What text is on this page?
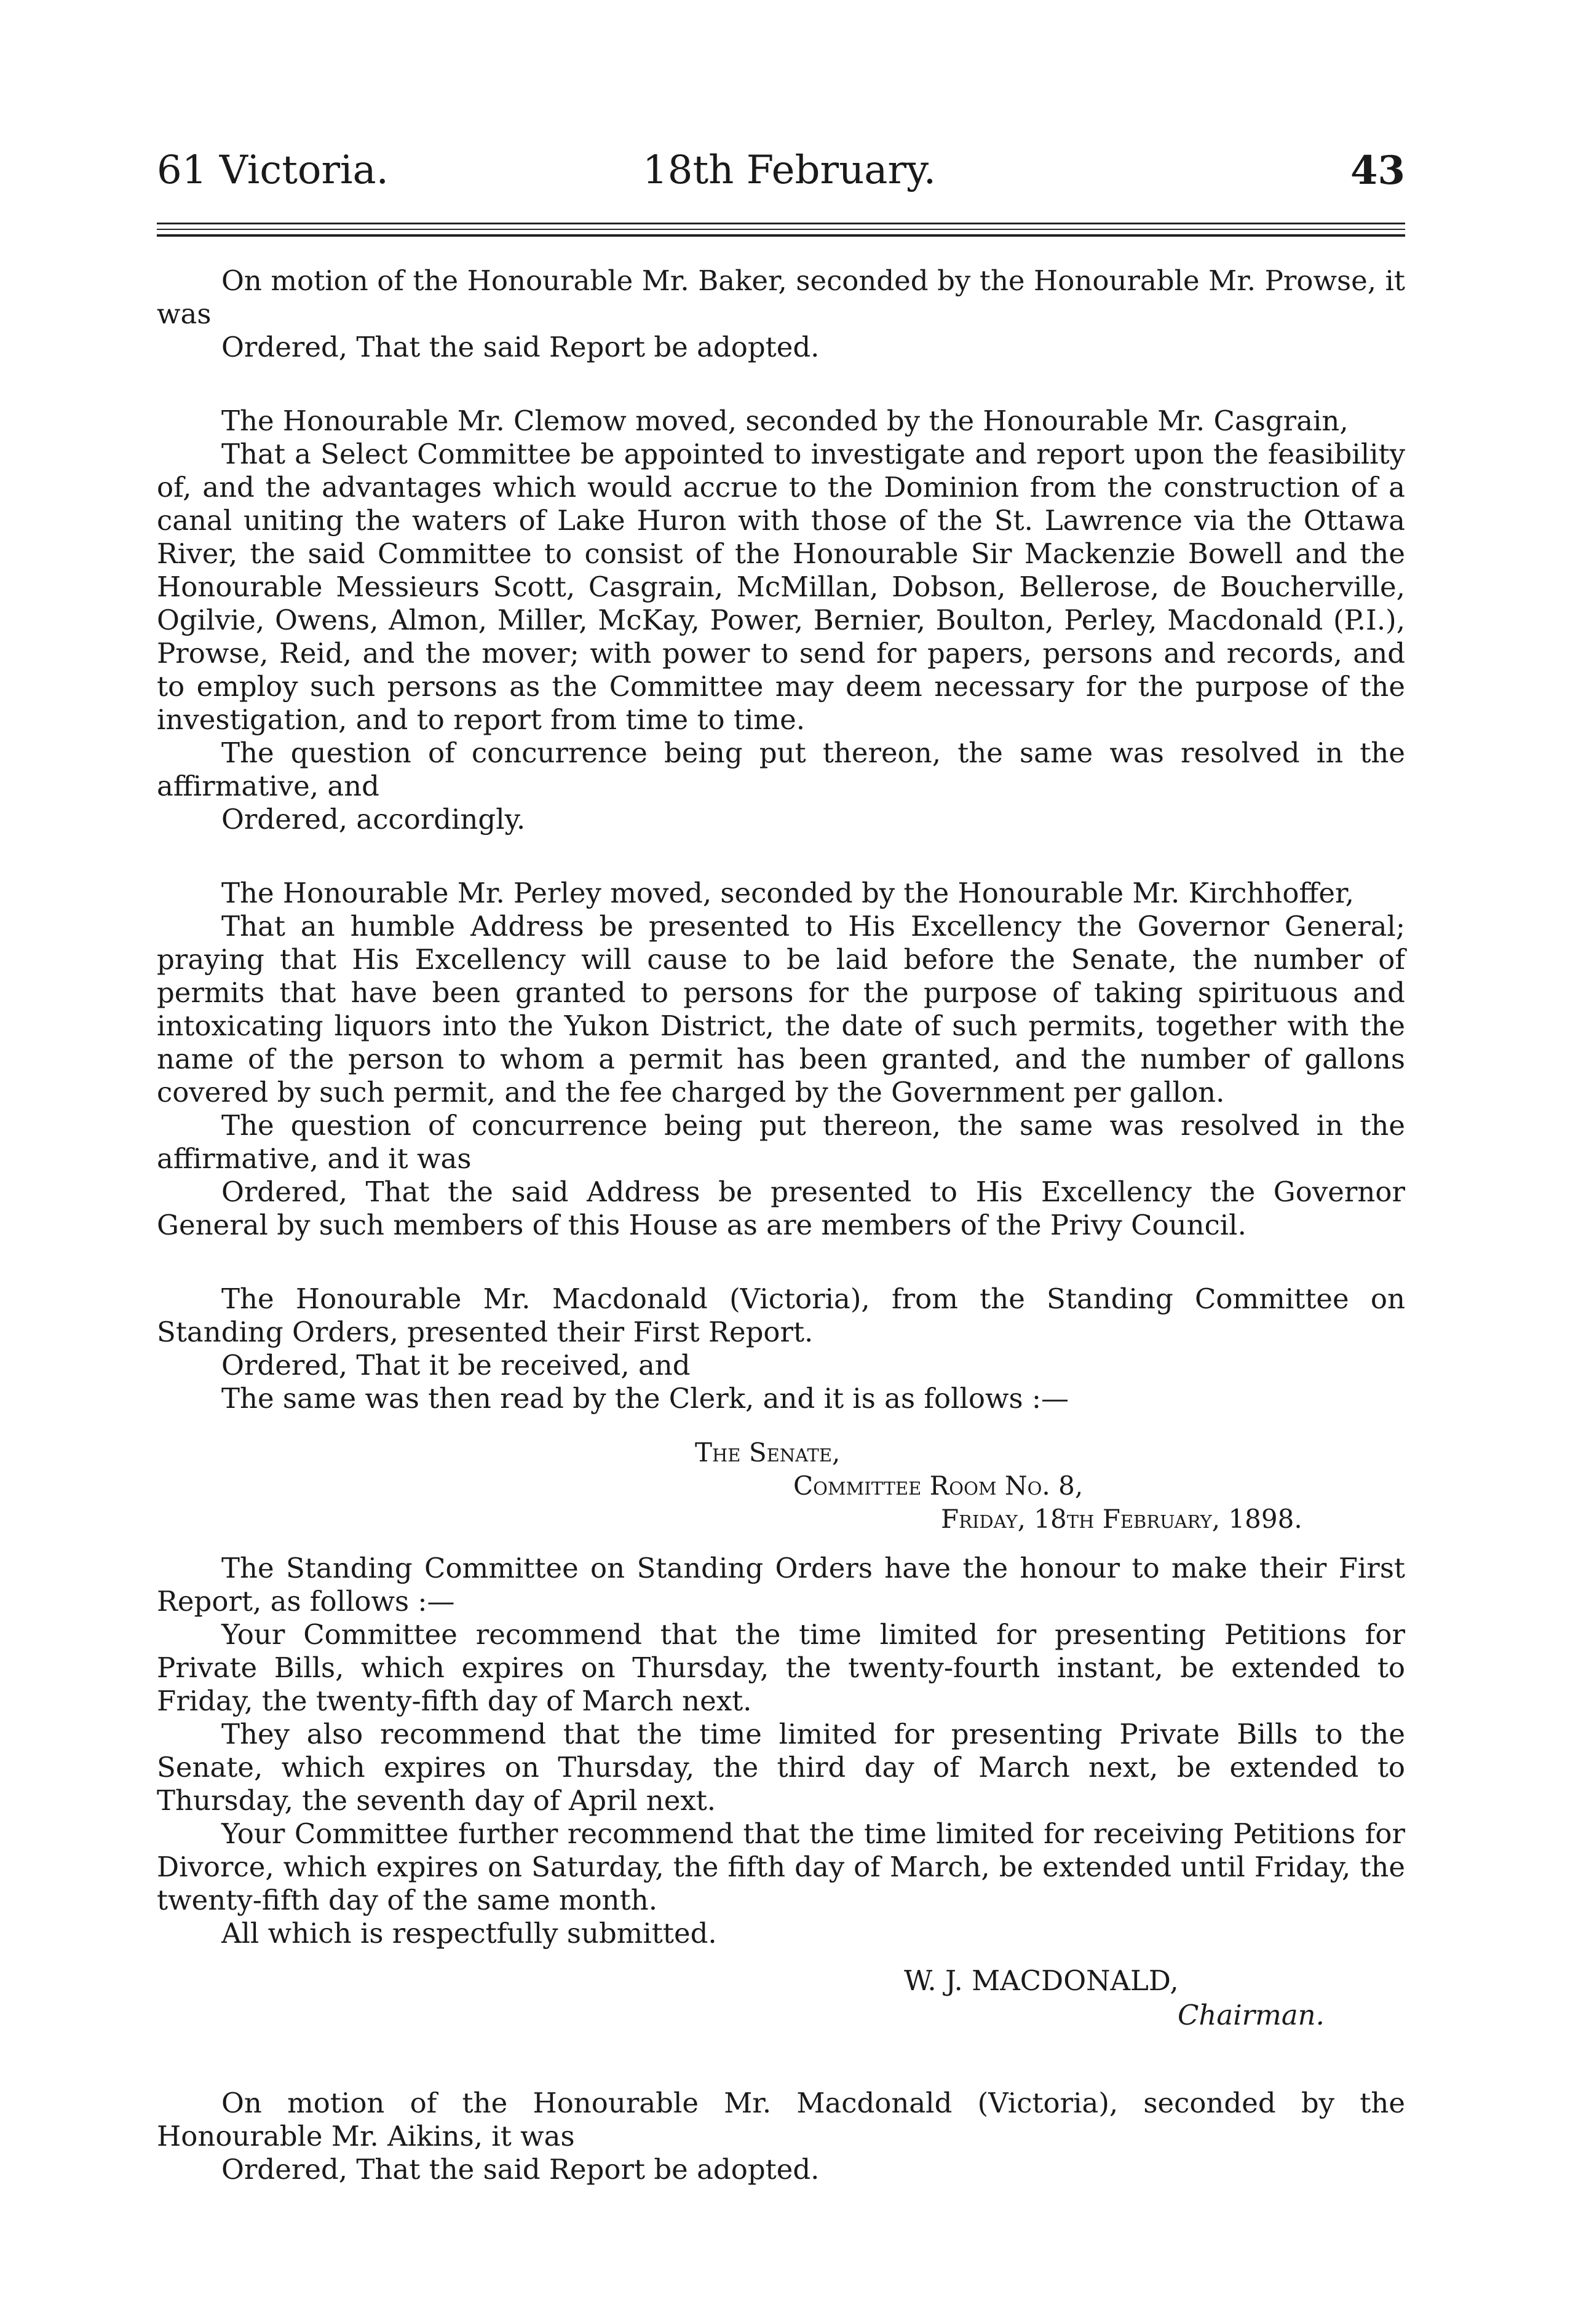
61 Victoria.	18th February.	43

On motion of the Honourable Mr. Baker, seconded by the Honourable Mr. Prowse, it was

Ordered, That the said Report be adopted.

The Honourable Mr. Clemow moved, seconded by the Honourable Mr. Casgrain,

That a Select Committee be appointed to investigate and report upon the feasibility of, and the advantages which would accrue to the Dominion from the construction of a canal uniting the waters of Lake Huron with those of the St. Lawrence via the Ottawa River, the said Committee to consist of the Honourable Sir Mackenzie Bowell and the Honourable Messieurs Scott, Casgrain, McMillan, Dobson, Bellerose, de Boucherville, Ogilvie, Owens, Almon, Miller, McKay, Power, Bernier, Boulton, Perley, Macdonald (P.I.), Prowse, Reid, and the mover; with power to send for papers, persons and records, and to employ such persons as the Committee may deem necessary for the purpose of the investigation, and to report from time to time.

The question of concurrence being put thereon, the same was resolved in the affirmative, and

Ordered, accordingly.

The Honourable Mr. Perley moved, seconded by the Honourable Mr. Kirchhoffer,

That an humble Address be presented to His Excellency the Governor General; praying that His Excellency will cause to be laid before the Senate, the number of permits that have been granted to persons for the purpose of taking spirituous and intoxicating liquors into the Yukon District, the date of such permits, together with the name of the person to whom a permit has been granted, and the number of gallons covered by such permit, and the fee charged by the Government per gallon.

The question of concurrence being put thereon, the same was resolved in the affirmative, and it was

Ordered, That the said Address be presented to His Excellency the Governor General by such members of this House as are members of the Privy Council.

The Honourable Mr. Macdonald (Victoria), from the Standing Committee on Standing Orders, presented their First Report.

Ordered, That it be received, and

The same was then read by the Clerk, and it is as follows :—

The Senate,
Committee Room No. 8,
Friday, 18th February, 1898.

The Standing Committee on Standing Orders have the honour to make their First Report, as follows :—

Your Committee recommend that the time limited for presenting Petitions for Private Bills, which expires on Thursday, the twenty-fourth instant, be extended to Friday, the twenty-fifth day of March next.

They also recommend that the time limited for presenting Private Bills to the Senate, which expires on Thursday, the third day of March next, be extended to Thursday, the seventh day of April next.

Your Committee further recommend that the time limited for receiving Petitions for Divorce, which expires on Saturday, the fifth day of March, be extended until Friday, the twenty-fifth day of the same month.

All which is respectfully submitted.

W. J. MACDONALD,
Chairman.

On motion of the Honourable Mr. Macdonald (Victoria), seconded by the Honourable Mr. Aikins, it was

Ordered, That the said Report be adopted.
